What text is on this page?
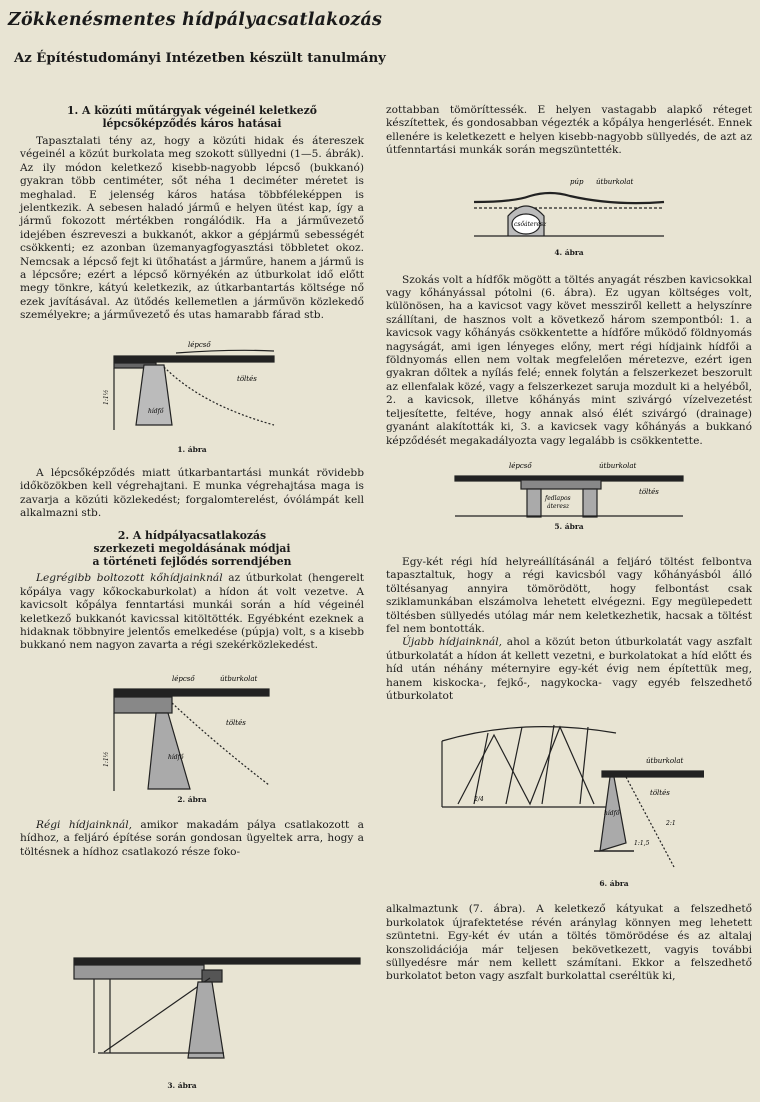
Zökkenésmentes hídpályacsatlakozás
Az Építéstudományi Intézetben készült tanulmány
1. A közúti műtárgyak végeinél keletkező
lépcsőképződés káros hatásai

Tapasztalati tény az, hogy a közúti hidak és átereszek végeinél a közút burkolata meg szokott süllyedni (1—5. ábrák). Az ily módon keletkező kisebb-nagyobb lépcső (bukkanó) gyakran több centiméter, sőt néha 1 deciméter méretet is meghalad. E jelenség káros hatása többféleképpen is jelentkezik. A sebesen haladó jármű e helyen ütést kap, így a jármű fokozott mértékben rongálódik. Ha a járművezető idejében észreveszi a bukkanót, akkor a gépjármű sebességét csökkenti; ez azonban üzemanyagfogyasztási többletet okoz. Nemcsak a lépcső fejt ki ütőhatást a járműre, hanem a jármű is a lépcsőre; ezért a lépcső környékén az útburkolat idő előtt megy tönkre, kátyú keletkezik, az útkarbantartás költsége nő ezek javításával. Az ütődés kellemetlen a járművön közlekedő személyekre; a járművezető és utas hamarabb fárad stb.

lépcső
töltés
hídfő
1:1½
1. ábra

A lépcsőképződés miatt útkarbantartási munkát rövidebb időközökben kell végrehajtani. E munka végrehajtása maga is zavarja a közúti közlekedést; forgalomterelést, óvólámpát kell alkalmazni stb.

2. A hídpályacsatlakozás
szerkezeti megoldásának módjai
a történeti fejlődés sorrendjében

Legrégibb boltozott kőhídjainknál az útburkolat (hengerelt kőpálya vagy kőkockaburkolat) a hídon át volt vezetve. A kavicsolt kőpálya fenntartási munkái során a híd végeinél keletkező bukkanót kavicssal kitöltötték. Egyébként ezeknek a hidaknak többnyire jelentős emelkedése (púpja) volt, s a kisebb bukkanó nem nagyon zavarta a régi szekérközlekedést.

lépcső	útburkolat
töltés
hídfő
1:1½
2. ábra

Régi hídjainknál, amikor makadám pálya csatlakozott a hídhoz, a feljáró építése során gondosan ügyeltek arra, hogy a töltésnek a hídhoz csatlakozó része foko-

3. ábra

zottabban tömöríttessék. E helyen vastagabb alapkő réteget készítettek, és gondosabban végezték a kőpálya hengerlését. Ennek ellenére is keletkezett e helyen kisebb-nagyobb süllyedés, de azt az útfenntartási munkák során megszüntették.

púp útburkolat
csőáteresz
4. ábra

Szokás volt a hídfők mögött a töltés anyagát részben kavicsokkal vagy kőhányással pótolni (6. ábra). Ez ugyan költséges volt, különösen, ha a kavicsot vagy követ messziről kellett a helyszínre szállítani, de hasznos volt a következő három szempontból: 1. a kavicsok vagy kőhányás csökkentette a hídfőre működő földnyomás nagyságát, ami igen lényeges előny, mert régi hídjaink hídfői a földnyomás ellen nem voltak megfelelően méretezve, ezért igen gyakran dőltek a nyílás felé; ennek folytán a felszerkezet beszorult az ellenfalak közé, vagy a felszerkezet saruja mozdult ki a helyéből, 2. a kavicsok, illetve kőhányás mint szivárgó vízelvezetést teljesítette, feltéve, hogy annak alsó élét szivárgó (drainage) gyanánt alakították ki, 3. a kavicsek vagy kőhányás a bukkanó képződését megakadályozta vagy legalább is csökkentette.

lépcső	útburkolat
töltés
fedlapos
áteresz
5. ábra

Egy-két régi híd helyreállításánál a feljáró töltést felbontva tapasztaltuk, hogy a régi kavicsból vagy kőhányásból álló töltésanyag annyira tömörödött, hogy felbontást csak sziklamunkában elszámolva lehetett elvégezni. Egy megülepedett töltésben süllyedés utólag már nem keletkezhetik, hacsak a töltést fel nem bontották.

Újabb hídjainknál, ahol a közút beton útburkolatát vagy aszfalt útburkolatát a hídon át kellett vezetni, e burkolatokat a híd előtt és híd után néhány méternyire egy-két évig nem építettük meg, hanem kiskocka-, fejkő-, nagykocka- vagy egyéb felszedhető útburkolatot

útburkolat
töltés
hídfő
1:1,5
2:1
2/4
6. ábra

alkalmaztunk (7. ábra). A keletkező kátyukat a felszedhető burkolatok újrafektetése révén aránylag könnyen meg lehetett szüntetni. Egy-két év után a töltés tömörödése és az altalaj konszolidációja már teljesen bekövetkezett, vagyis további süllyedésre már nem kellett számítani. Ekkor a felszedhető burkolatot beton vagy aszfalt burkolattal cseréltük ki,
